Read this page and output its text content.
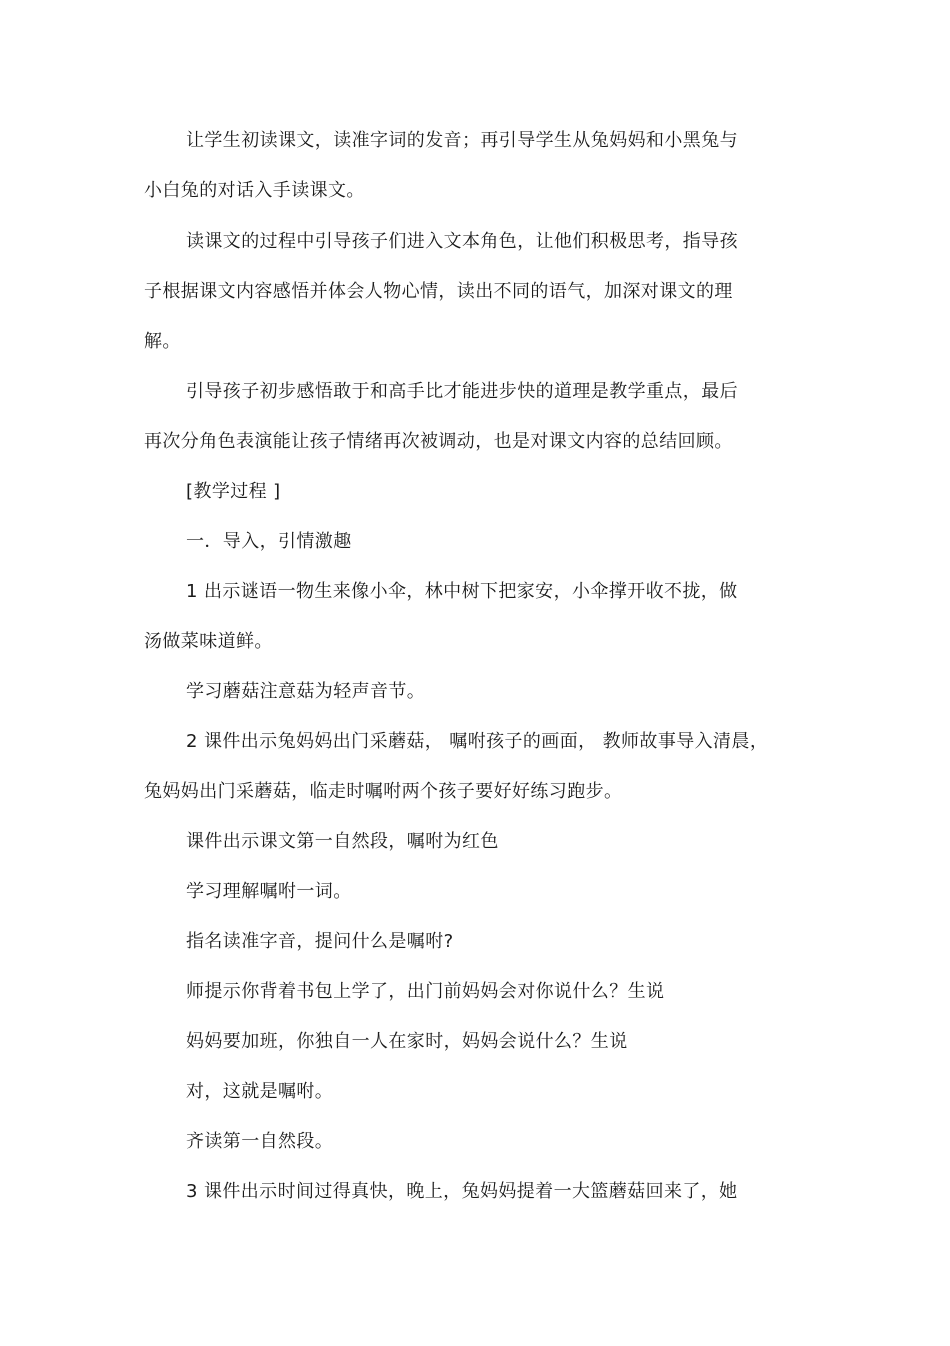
让学生初读课文，读准字词的发音；再引导学生从兔妈妈和小黑兔与
小白兔的对话入手读课文。
读课文的过程中引导孩子们进入文本角色，让他们积极思考，指导孩
子根据课文内容感悟并体会人物心情，读出不同的语气，加深对课文的理
解。
引导孩子初步感悟敢于和高手比才能进步快的道理是教学重点，最后
再次分角色表演能让孩子情绪再次被调动，也是对课文内容的总结回顾。
[教学过程 ]
一．导入，引情激趣
1 出示谜语一物生来像小伞，林中树下把家安，小伞撑开收不拢，做
汤做菜味道鲜。
学习蘑菇注意菇为轻声音节。
2 课件出示兔妈妈出门采蘑菇， 嘱咐孩子的画面， 教师故事导入清晨，
兔妈妈出门采蘑菇，临走时嘱咐两个孩子要好好练习跑步。
课件出示课文第一自然段，嘱咐为红色
学习理解嘱咐一词。
指名读准字音，提问什么是嘱咐?
师提示你背着书包上学了，出门前妈妈会对你说什么？生说
妈妈要加班，你独自一人在家时，妈妈会说什么？生说
对，这就是嘱咐。
齐读第一自然段。
3 课件出示时间过得真快，晚上，兔妈妈提着一大篮蘑菇回来了，她
